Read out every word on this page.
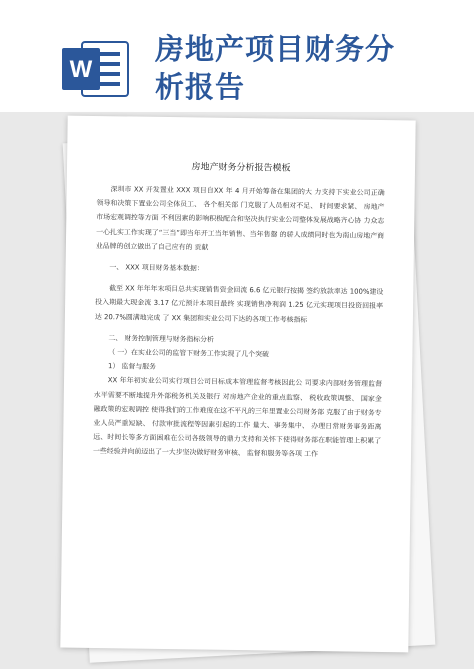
W
房地产项目财务分
析报告
房地产财务分析报告模板

深圳市 XX 开发置业 XXX 项目自XX 年 4 月开始筹备在集团的大 力支持下实业公司正确领导和决策下置业公司全体员工、 各个相关部 门克服了人员相对不足、 时间要求紧、 房地产市场宏观调控等方面 不利因素的影响积极配合和坚决执行实业公司整体发展战略齐心协 力众志一心扎实工作实现了“三当”即当年开工当年销售、当年售罄 的骄人成绩同时也为南山房地产商业品牌的创立做出了自己应有的 贡献

一、 XXX 项目财务基本数据：

截至 XX 年年年末项目总共实现销售资金回流 6.6 亿元银行按揭 签约放款率达 100%建设投入期最大现金流 3.17 亿元预计本项目最终 实现销售净利润 1.25 亿元实现项目投资回报率达 20.7%圆满地完成 了 XX 集团和实业公司下达的各项工作考核指标

二、 财务控制管理与财务指标分析

（ 一）在实业公司的监管下财务工作实现了几个突破

1） 监督与服务

XX 年年初实业公司实行项目公司目标成本管理监督考核因此公 司要求内部财务管理监督水平需要不断地提升外部税务机关及银行 对房地产企业的重点监察、 税收政策调整、 国家金融政策的宏观调控 使得我们的工作难度在这不平凡的三年里置业公司财务部 克服了由于财务专业人员严重短缺、 付款审批流程等因素引起的工作 量大、事务集中、 办理日常财务事务距离远、时间长等多方面困难在公司各级领导的鼎力支持和关怀下使得财务部在职能管理上积累了 一些经验并向前迈出了一大步坚决做好财务审核、 监督和服务等各项 工作
